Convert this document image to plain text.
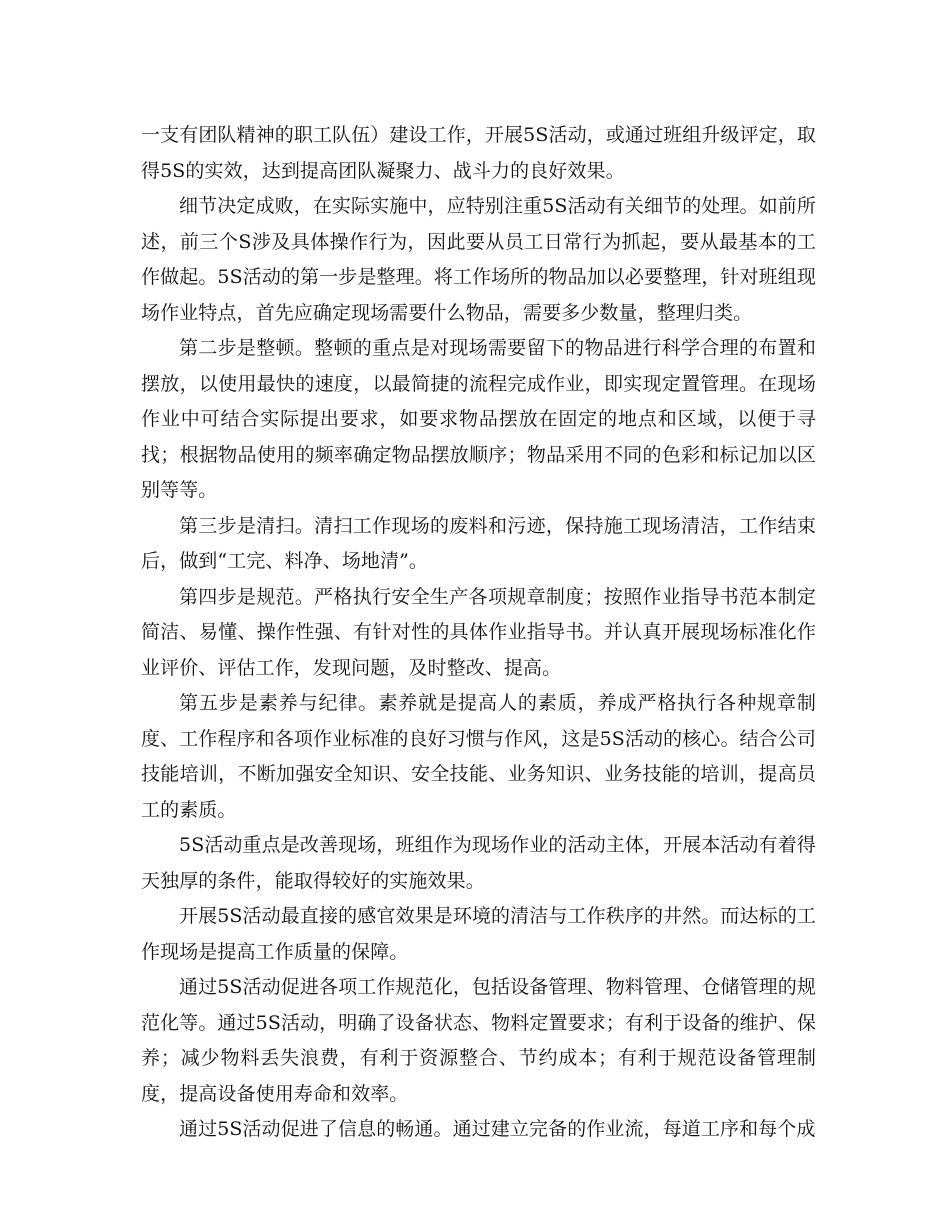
一支有团队精神的职工队伍）建设工作，开展5S活动，或通过班组升级评定，取得5S的实效，达到提高团队凝聚力、战斗力的良好效果。

细节决定成败，在实际实施中，应特别注重5S活动有关细节的处理。如前所述，前三个S涉及具体操作行为，因此要从员工日常行为抓起，要从最基本的工作做起。5S活动的第一步是整理。将工作场所的物品加以必要整理，针对班组现场作业特点，首先应确定现场需要什么物品，需要多少数量，整理归类。

第二步是整顿。整顿的重点是对现场需要留下的物品进行科学合理的布置和摆放，以使用最快的速度，以最简捷的流程完成作业，即实现定置管理。在现场作业中可结合实际提出要求，如要求物品摆放在固定的地点和区域，以便于寻找；根据物品使用的频率确定物品摆放顺序；物品采用不同的色彩和标记加以区别等等。

第三步是清扫。清扫工作现场的废料和污迹，保持施工现场清洁，工作结束后，做到“工完、料净、场地清”。

第四步是规范。严格执行安全生产各项规章制度；按照作业指导书范本制定简洁、易懂、操作性强、有针对性的具体作业指导书。并认真开展现场标准化作业评价、评估工作，发现问题，及时整改、提高。

第五步是素养与纪律。素养就是提高人的素质，养成严格执行各种规章制度、工作程序和各项作业标准的良好习惯与作风，这是5S活动的核心。结合公司技能培训，不断加强安全知识、安全技能、业务知识、业务技能的培训，提高员工的素质。

5S活动重点是改善现场，班组作为现场作业的活动主体，开展本活动有着得天独厚的条件，能取得较好的实施效果。

开展5S活动最直接的感官效果是环境的清洁与工作秩序的井然。而达标的工作现场是提高工作质量的保障。

通过5S活动促进各项工作规范化，包括设备管理、物料管理、仓储管理的规范化等。通过5S活动，明确了设备状态、物料定置要求；有利于设备的维护、保养；减少物料丢失浪费，有利于资源整合、节约成本；有利于规范设备管理制度，提高设备使用寿命和效率。

通过5S活动促进了信息的畅通。通过建立完备的作业流，每道工序和每个成
